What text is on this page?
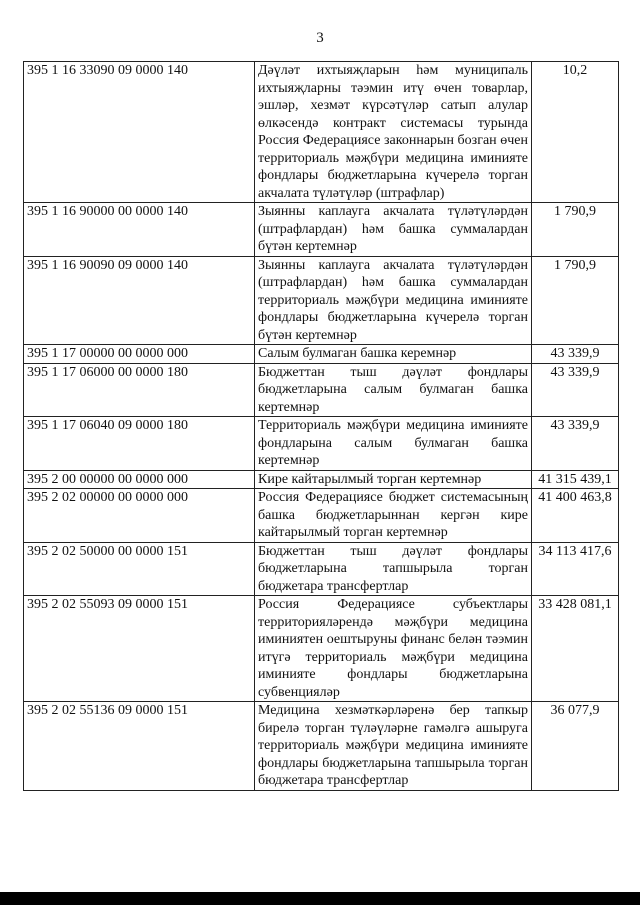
3
395 1 16 33090 09 0000 140	Дәүләт ихтыяҗларын һәм муниципаль ихтыяҗларны тәэмин итү өчен товарлар, эшләр, хезмәт күрсәтүләр сатып алулар өлкәсендә контракт системасы турында Россия Федерациясе законнарын бозган өчен территориаль мәҗбүри медицина иминияте фондлары бюджетларына күчерелә торган акчалата түләтүләр (штрафлар)	10,2
395 1 16 90000 00 0000 140	Зыянны каплауга акчалата түләтүләрдән (штрафлардан) һәм башка суммалардан бүтән кертемнәр	1 790,9
395 1 16 90090 09 0000 140	Зыянны каплауга акчалата түләтүләрдән (штрафлардан) һәм башка суммалардан территориаль мәҗбүри медицина иминияте фондлары бюджетларына күчерелә торган бүтән кертемнәр	1 790,9
395 1 17 00000 00 0000 000	Салым булмаган башка керемнәр	43 339,9
395 1 17 06000 00 0000 180	Бюджеттан тыш дәүләт фондлары бюджетларына салым булмаган башка кертемнәр	43 339,9
395 1 17 06040 09 0000 180	Территориаль мәҗбүри медицина иминияте фондларына салым булмаган башка кертемнәр	43 339,9
395 2 00 00000 00 0000 000	Кире кайтарылмый торган кертемнәр	41 315 439,1
395 2 02 00000 00 0000 000	Россия Федерациясе бюджет системасының башка бюджетларыннан кергән кире кайтарылмый торган кертемнәр	41 400 463,8
395 2 02 50000 00 0000 151	Бюджеттан тыш дәүләт фондлары бюджетларына тапшырыла торган бюджетара трансфертлар	34 113 417,6
395 2 02 55093 09 0000 151	Россия Федерациясе субъектлары территорияләрендә мәҗбүри медицина иминиятен оештыруны финанс белән тәэмин итүгә территориаль мәҗбүри медицина иминияте фондлары бюджетларына субвенцияләр	33 428 081,1
395 2 02 55136 09 0000 151	Медицина хезмәткәрләренә бер тапкыр бирелә торган түләүләрне гамәлгә ашыруга территориаль мәҗбүри медицина иминияте фондлары бюджетларына тапшырыла торган бюджетара трансфертлар	36 077,9
